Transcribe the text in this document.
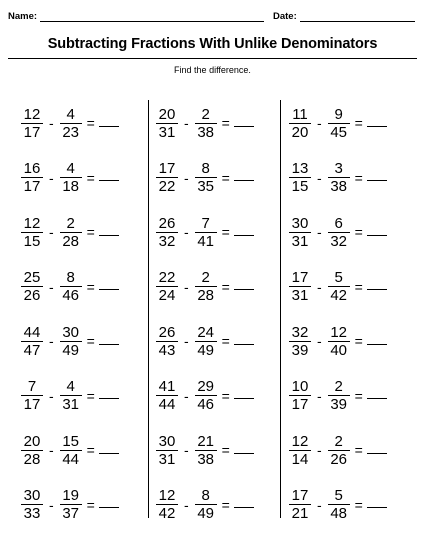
Name:	Date:
Subtracting Fractions With Unlike Denominators
Find the difference.
$\frac{12}{17} - \frac{4}{23}$ =
$\frac{16}{17} - \frac{4}{18}$ =
$\frac{12}{15} - \frac{2}{28}$ =
$\frac{25}{26} - \frac{8}{46}$ =
$\frac{44}{47} - \frac{30}{49}$ =
$\frac{7}{17} - \frac{4}{31}$ =
$\frac{20}{28} - \frac{15}{44}$ =
$\frac{30}{33} - \frac{19}{37}$ =
$\frac{20}{31} - \frac{2}{38}$ =
$\frac{17}{22} - \frac{8}{35}$ =
$\frac{26}{32} - \frac{7}{41}$ =
$\frac{22}{24} - \frac{2}{28}$ =
$\frac{26}{43} - \frac{24}{49}$ =
$\frac{41}{44} - \frac{29}{46}$ =
$\frac{30}{31} - \frac{21}{38}$ =
$\frac{12}{42} - \frac{8}{49}$ =
$\frac{11}{20} - \frac{9}{45}$ =
$\frac{13}{15} - \frac{3}{38}$ =
$\frac{30}{31} - \frac{6}{32}$ =
$\frac{17}{31} - \frac{5}{42}$ =
$\frac{32}{39} - \frac{12}{40}$ =
$\frac{10}{17} - \frac{2}{39}$ =
$\frac{12}{14} - \frac{2}{26}$ =
$\frac{17}{21} - \frac{5}{48}$ =
